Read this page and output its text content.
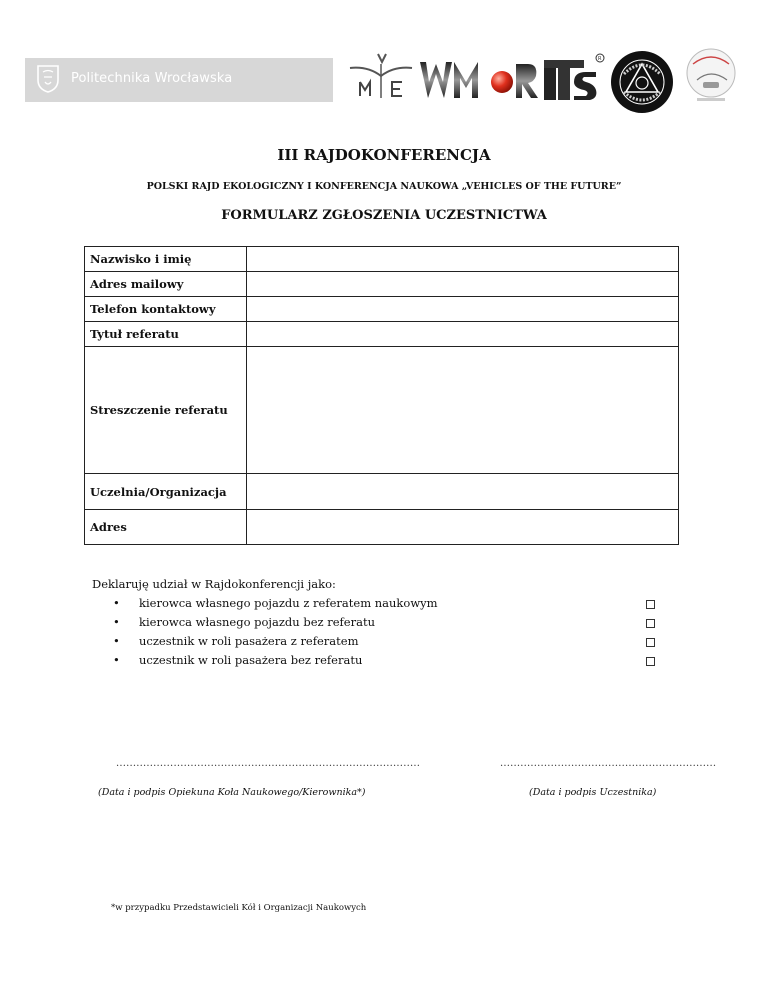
Politechnika Wrocławska
R
III RAJDOKONFERENCJA
POLSKI RAJD EKOLOGICZNY I KONFERENCJA NAUKOWA „VEHICLES OF THE FUTURE”
FORMULARZ ZGŁOSZENIA UCZESTNICTWA
Nazwisko i imię	
Adres mailowy	
Telefon kontaktowy	
Tytuł referatu	
Streszczenie referatu	
Uczelnia/Organizacja	
Adres	
Deklaruję udział w Rajdokonferencji jako:
• kierowca własnego pojazdu z referatem naukowym
• kierowca własnego pojazdu bez referatu
• uczestnik w roli pasażera z referatem
• uczestnik w roli pasażera bez referatu
..........................................................................................	................................................................
(Data i podpis Opiekuna Koła Naukowego/Kierownika*)	(Data i podpis Uczestnika)
*w przypadku Przedstawicieli Kół i Organizacji Naukowych
